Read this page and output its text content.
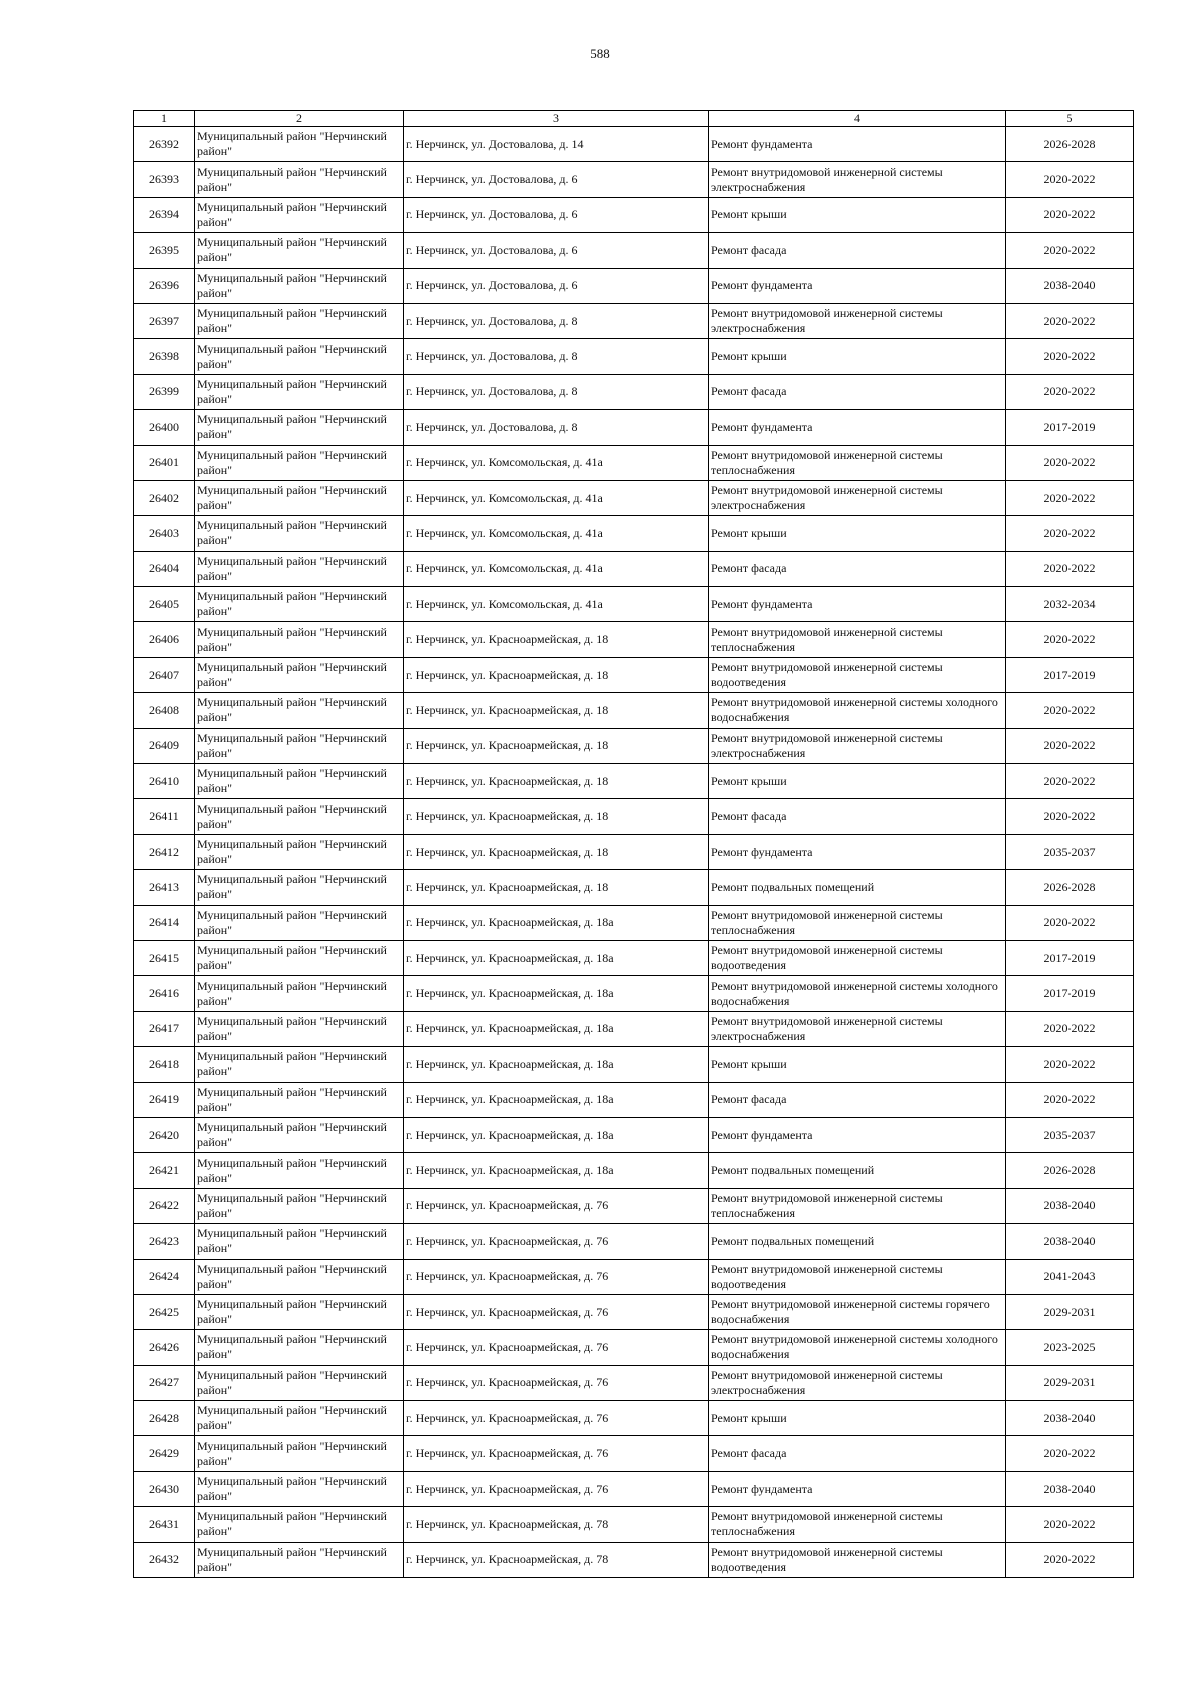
588
1	2	3	4	5
26392	Муниципальный район "Нерчинский район"	г. Нерчинск, ул. Достовалова, д. 14	Ремонт фундамента	2026-2028
26393	Муниципальный район "Нерчинский район"	г. Нерчинск, ул. Достовалова, д. 6	Ремонт внутридомовой инженерной системы электроснабжения	2020-2022
26394	Муниципальный район "Нерчинский район"	г. Нерчинск, ул. Достовалова, д. 6	Ремонт крыши	2020-2022
26395	Муниципальный район "Нерчинский район"	г. Нерчинск, ул. Достовалова, д. 6	Ремонт фасада	2020-2022
26396	Муниципальный район "Нерчинский район"	г. Нерчинск, ул. Достовалова, д. 6	Ремонт фундамента	2038-2040
26397	Муниципальный район "Нерчинский район"	г. Нерчинск, ул. Достовалова, д. 8	Ремонт внутридомовой инженерной системы электроснабжения	2020-2022
26398	Муниципальный район "Нерчинский район"	г. Нерчинск, ул. Достовалова, д. 8	Ремонт крыши	2020-2022
26399	Муниципальный район "Нерчинский район"	г. Нерчинск, ул. Достовалова, д. 8	Ремонт фасада	2020-2022
26400	Муниципальный район "Нерчинский район"	г. Нерчинск, ул. Достовалова, д. 8	Ремонт фундамента	2017-2019
26401	Муниципальный район "Нерчинский район"	г. Нерчинск, ул. Комсомольская, д. 41а	Ремонт внутридомовой инженерной системы теплоснабжения	2020-2022
26402	Муниципальный район "Нерчинский район"	г. Нерчинск, ул. Комсомольская, д. 41а	Ремонт внутридомовой инженерной системы электроснабжения	2020-2022
26403	Муниципальный район "Нерчинский район"	г. Нерчинск, ул. Комсомольская, д. 41а	Ремонт крыши	2020-2022
26404	Муниципальный район "Нерчинский район"	г. Нерчинск, ул. Комсомольская, д. 41а	Ремонт фасада	2020-2022
26405	Муниципальный район "Нерчинский район"	г. Нерчинск, ул. Комсомольская, д. 41а	Ремонт фундамента	2032-2034
26406	Муниципальный район "Нерчинский район"	г. Нерчинск, ул. Красноармейская, д. 18	Ремонт внутридомовой инженерной системы теплоснабжения	2020-2022
26407	Муниципальный район "Нерчинский район"	г. Нерчинск, ул. Красноармейская, д. 18	Ремонт внутридомовой инженерной системы водоотведения	2017-2019
26408	Муниципальный район "Нерчинский район"	г. Нерчинск, ул. Красноармейская, д. 18	Ремонт внутридомовой инженерной системы холодного водоснабжения	2020-2022
26409	Муниципальный район "Нерчинский район"	г. Нерчинск, ул. Красноармейская, д. 18	Ремонт внутридомовой инженерной системы электроснабжения	2020-2022
26410	Муниципальный район "Нерчинский район"	г. Нерчинск, ул. Красноармейская, д. 18	Ремонт крыши	2020-2022
26411	Муниципальный район "Нерчинский район"	г. Нерчинск, ул. Красноармейская, д. 18	Ремонт фасада	2020-2022
26412	Муниципальный район "Нерчинский район"	г. Нерчинск, ул. Красноармейская, д. 18	Ремонт фундамента	2035-2037
26413	Муниципальный район "Нерчинский район"	г. Нерчинск, ул. Красноармейская, д. 18	Ремонт подвальных помещений	2026-2028
26414	Муниципальный район "Нерчинский район"	г. Нерчинск, ул. Красноармейская, д. 18а	Ремонт внутридомовой инженерной системы теплоснабжения	2020-2022
26415	Муниципальный район "Нерчинский район"	г. Нерчинск, ул. Красноармейская, д. 18а	Ремонт внутридомовой инженерной системы водоотведения	2017-2019
26416	Муниципальный район "Нерчинский район"	г. Нерчинск, ул. Красноармейская, д. 18а	Ремонт внутридомовой инженерной системы холодного водоснабжения	2017-2019
26417	Муниципальный район "Нерчинский район"	г. Нерчинск, ул. Красноармейская, д. 18а	Ремонт внутридомовой инженерной системы электроснабжения	2020-2022
26418	Муниципальный район "Нерчинский район"	г. Нерчинск, ул. Красноармейская, д. 18а	Ремонт крыши	2020-2022
26419	Муниципальный район "Нерчинский район"	г. Нерчинск, ул. Красноармейская, д. 18а	Ремонт фасада	2020-2022
26420	Муниципальный район "Нерчинский район"	г. Нерчинск, ул. Красноармейская, д. 18а	Ремонт фундамента	2035-2037
26421	Муниципальный район "Нерчинский район"	г. Нерчинск, ул. Красноармейская, д. 18а	Ремонт подвальных помещений	2026-2028
26422	Муниципальный район "Нерчинский район"	г. Нерчинск, ул. Красноармейская, д. 76	Ремонт внутридомовой инженерной системы теплоснабжения	2038-2040
26423	Муниципальный район "Нерчинский район"	г. Нерчинск, ул. Красноармейская, д. 76	Ремонт подвальных помещений	2038-2040
26424	Муниципальный район "Нерчинский район"	г. Нерчинск, ул. Красноармейская, д. 76	Ремонт внутридомовой инженерной системы водоотведения	2041-2043
26425	Муниципальный район "Нерчинский район"	г. Нерчинск, ул. Красноармейская, д. 76	Ремонт внутридомовой инженерной системы горячего водоснабжения	2029-2031
26426	Муниципальный район "Нерчинский район"	г. Нерчинск, ул. Красноармейская, д. 76	Ремонт внутридомовой инженерной системы холодного водоснабжения	2023-2025
26427	Муниципальный район "Нерчинский район"	г. Нерчинск, ул. Красноармейская, д. 76	Ремонт внутридомовой инженерной системы электроснабжения	2029-2031
26428	Муниципальный район "Нерчинский район"	г. Нерчинск, ул. Красноармейская, д. 76	Ремонт крыши	2038-2040
26429	Муниципальный район "Нерчинский район"	г. Нерчинск, ул. Красноармейская, д. 76	Ремонт фасада	2020-2022
26430	Муниципальный район "Нерчинский район"	г. Нерчинск, ул. Красноармейская, д. 76	Ремонт фундамента	2038-2040
26431	Муниципальный район "Нерчинский район"	г. Нерчинск, ул. Красноармейская, д. 78	Ремонт внутридомовой инженерной системы теплоснабжения	2020-2022
26432	Муниципальный район "Нерчинский район"	г. Нерчинск, ул. Красноармейская, д. 78	Ремонт внутридомовой инженерной системы водоотведения	2020-2022
